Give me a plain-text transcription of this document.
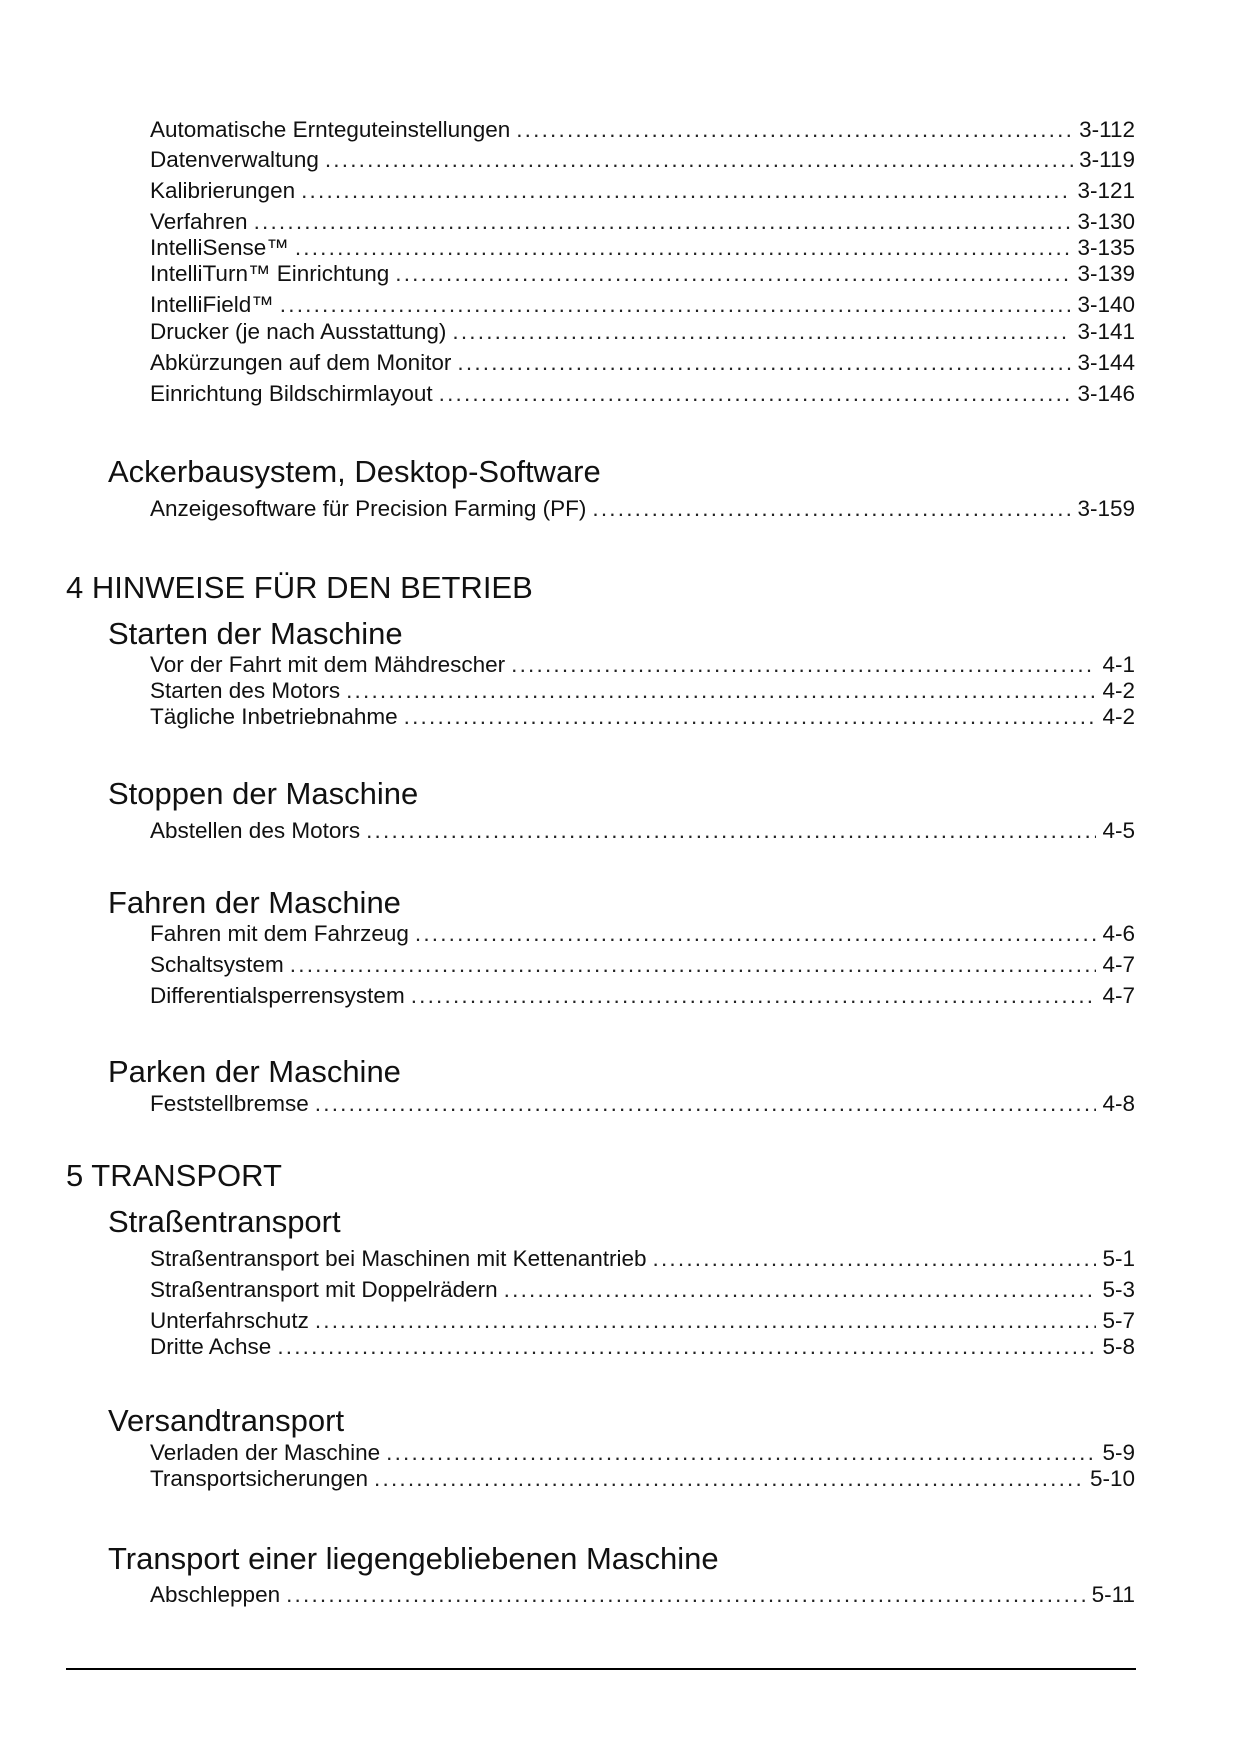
Automatische Ernteguteinstellungen .....	3-112
Datenverwaltung .....	3-119
Kalibrierungen .....	3-121
Verfahren .....	3-130
IntelliSense™ .....	3-135
IntelliTurn™ Einrichtung .....	3-139
IntelliField™ .....	3-140
Drucker (je nach Ausstattung) .....	3-141
Abkürzungen auf dem Monitor .....	3-144
Einrichtung Bildschirmlayout .....	3-146
Ackerbausystem, Desktop-Software
Anzeigesoftware für Precision Farming (PF) .....	3-159
4 HINWEISE FÜR DEN BETRIEB
Starten der Maschine
Vor der Fahrt mit dem Mähdrescher .....	4-1
Starten des Motors .....	4-2
Tägliche Inbetriebnahme .....	4-2
Stoppen der Maschine
Abstellen des Motors .....	4-5
Fahren der Maschine
Fahren mit dem Fahrzeug .....	4-6
Schaltsystem .....	4-7
Differentialsperrensystem .....	4-7
Parken der Maschine
Feststellbremse .....	4-8
5 TRANSPORT
Straßentransport
Straßentransport bei Maschinen mit Kettenantrieb .....	5-1
Straßentransport mit Doppelrädern .....	5-3
Unterfahrschutz .....	5-7
Dritte Achse .....	5-8
Versandtransport
Verladen der Maschine .....	5-9
Transportsicherungen .....	5-10
Transport einer liegengebliebenen Maschine
Abschleppen .....	5-11
